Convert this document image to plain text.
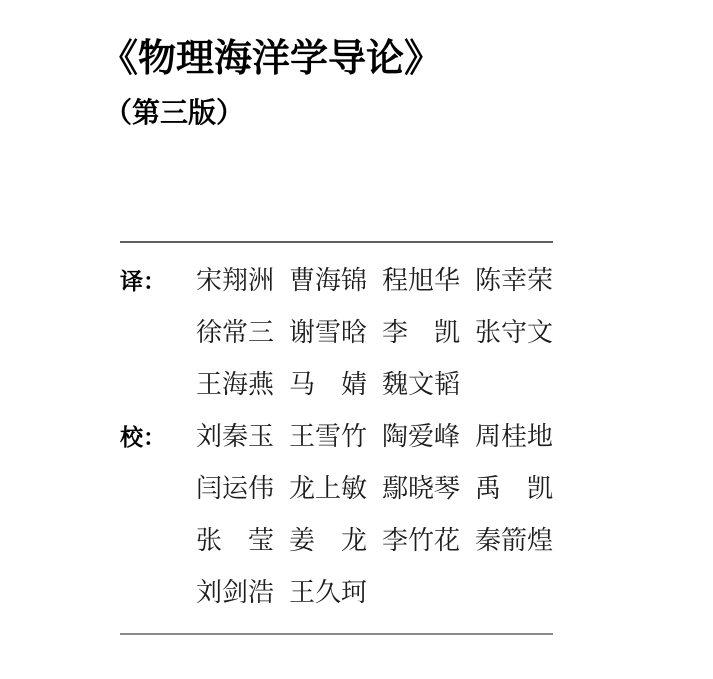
《物理海洋学导论》
（第三版）
译：	宋翔洲 曹海锦 程旭华 陈幸荣
徐常三 谢雪晗 李　凯 张守文
王海燕 马　婧 魏文韬
校：	刘秦玉 王雪竹 陶爱峰 周桂地
闫运伟 龙上敏 鄢晓琴 禹　凯
张　莹 姜　龙 李竹花 秦箭煌
刘剑浩 王久珂
